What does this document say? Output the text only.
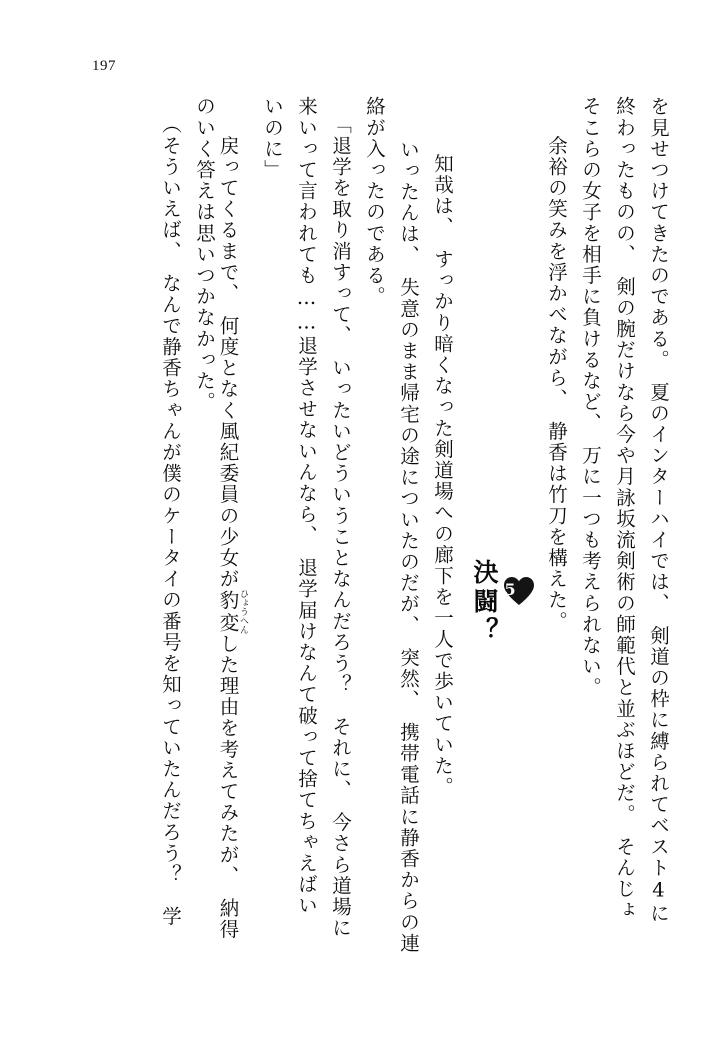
197
を見せつけてきたのである。　夏のインターハイでは、　剣道の枠に縛られてベスト4に
終わったものの、　剣の腕だけなら今や月詠坂流剣術の師範代と並ぶほどだ。　そんじょ
そこらの女子を相手に負けるなど、　万に一つも考えられない。
　余裕の笑みを浮かべながら、　静香は竹刀を構えた。
5
決闘？
　知哉は、　すっかり暗くなった剣道場への廊下を一人で歩いていた。
　いったんは、　失意のまま帰宅の途についたのだが、　突然、　携帯電話に静香からの連
絡が入ったのである。
「退学を取り消すって、　いったいどういうことなんだろう？　それに、　今さら道場に
来いって言われても……退学させないんなら、　退学届けなんて破って捨てちゃえばい
いのに」
　戻ってくるまで、　何度となく風紀委員の少女が豹変ひょうへんした理由を考えてみたが、　納得
のいく答えは思いつかなかった。
（そういえば、　なんで静香ちゃんが僕のケータイの番号を知っていたんだろう？　学
